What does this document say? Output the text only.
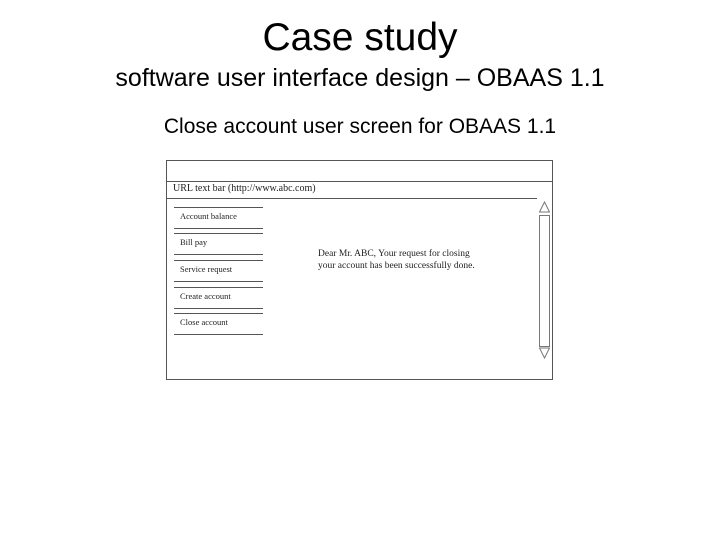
Case study
software user interface design – OBAAS 1.1
Close account user screen for OBAAS 1.1
URL text bar (http://www.abc.com)
Account balance
Bill pay
Service request
Create account
Close account
Dear Mr. ABC, Your request for closing
your account has been successfully done.
